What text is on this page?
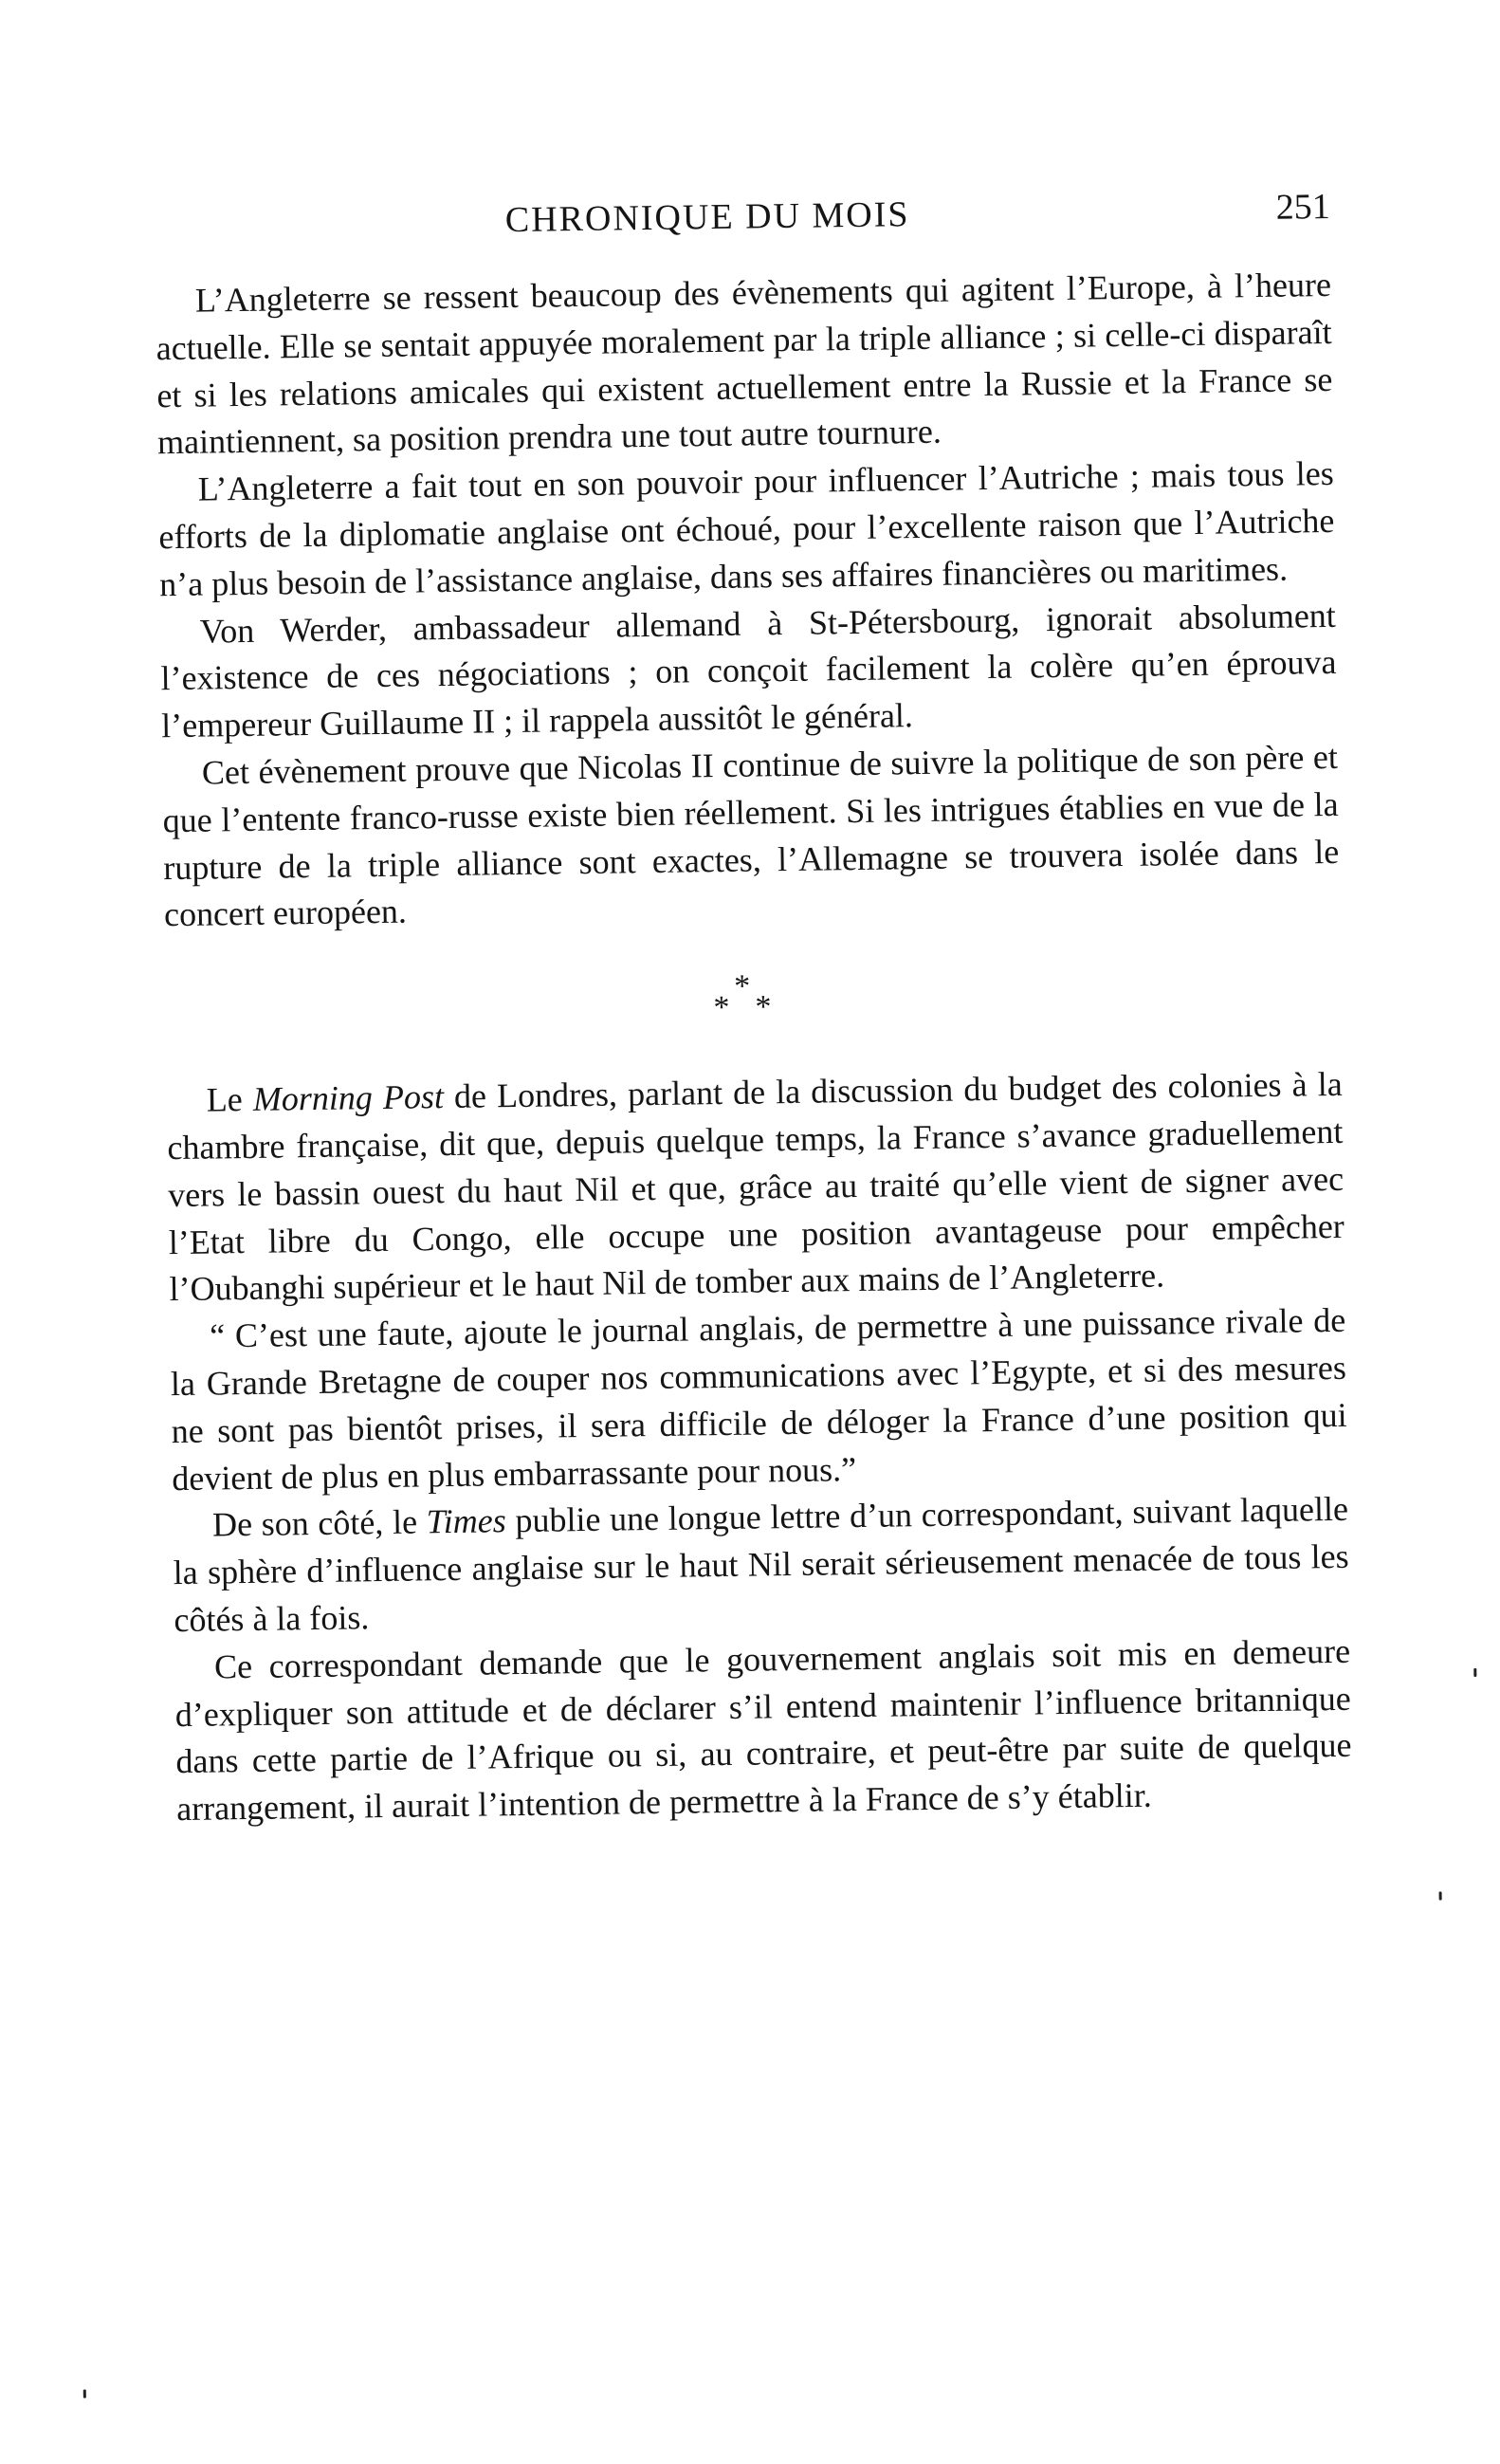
CHRONIQUE DU MOIS	251

L’Angleterre se ressent beaucoup des évènements qui agitent l’Europe, à l’heure actuelle. Elle se sentait appuyée moralement par la triple alliance ; si celle-ci disparaît et si les relations amicales qui existent actuellement entre la Russie et la France se maintiennent, sa position prendra une tout autre tournure.

L’Angleterre a fait tout en son pouvoir pour influencer l’Autriche ; mais tous les efforts de la diplomatie anglaise ont échoué, pour l’excellente raison que l’Autriche n’a plus besoin de l’assistance anglaise, dans ses affaires financières ou maritimes.

Von Werder, ambassadeur allemand à St-Pétersbourg, ignorait absolument l’existence de ces négociations ; on conçoit facilement la colère qu’en éprouva l’empereur Guillaume II ; il rappela aussitôt le général.

Cet évènement prouve que Nicolas II continue de suivre la politique de son père et que l’entente franco-russe existe bien réellement. Si les intrigues établies en vue de la rupture de la triple alliance sont exactes, l’Allemagne se trouvera isolée dans le concert européen.

*
* *

Le Morning Post de Londres, parlant de la discussion du budget des colonies à la chambre française, dit que, depuis quelque temps, la France s’avance graduellement vers le bassin ouest du haut Nil et que, grâce au traité qu’elle vient de signer avec l’Etat libre du Congo, elle occupe une position avantageuse pour empêcher l’Oubanghi supérieur et le haut Nil de tomber aux mains de l’Angleterre.

“ C’est une faute, ajoute le journal anglais, de permettre à une puissance rivale de la Grande Bretagne de couper nos communications avec l’Egypte, et si des mesures ne sont pas bientôt prises, il sera difficile de déloger la France d’une position qui devient de plus en plus embarrassante pour nous.”

De son côté, le Times publie une longue lettre d’un correspondant, suivant laquelle la sphère d’influence anglaise sur le haut Nil serait sérieusement menacée de tous les côtés à la fois.

Ce correspondant demande que le gouvernement anglais soit mis en demeure d’expliquer son attitude et de déclarer s’il entend maintenir l’influence britannique dans cette partie de l’Afrique ou si, au contraire, et peut-être par suite de quelque arrangement, il aurait l’intention de permettre à la France de s’y établir.
